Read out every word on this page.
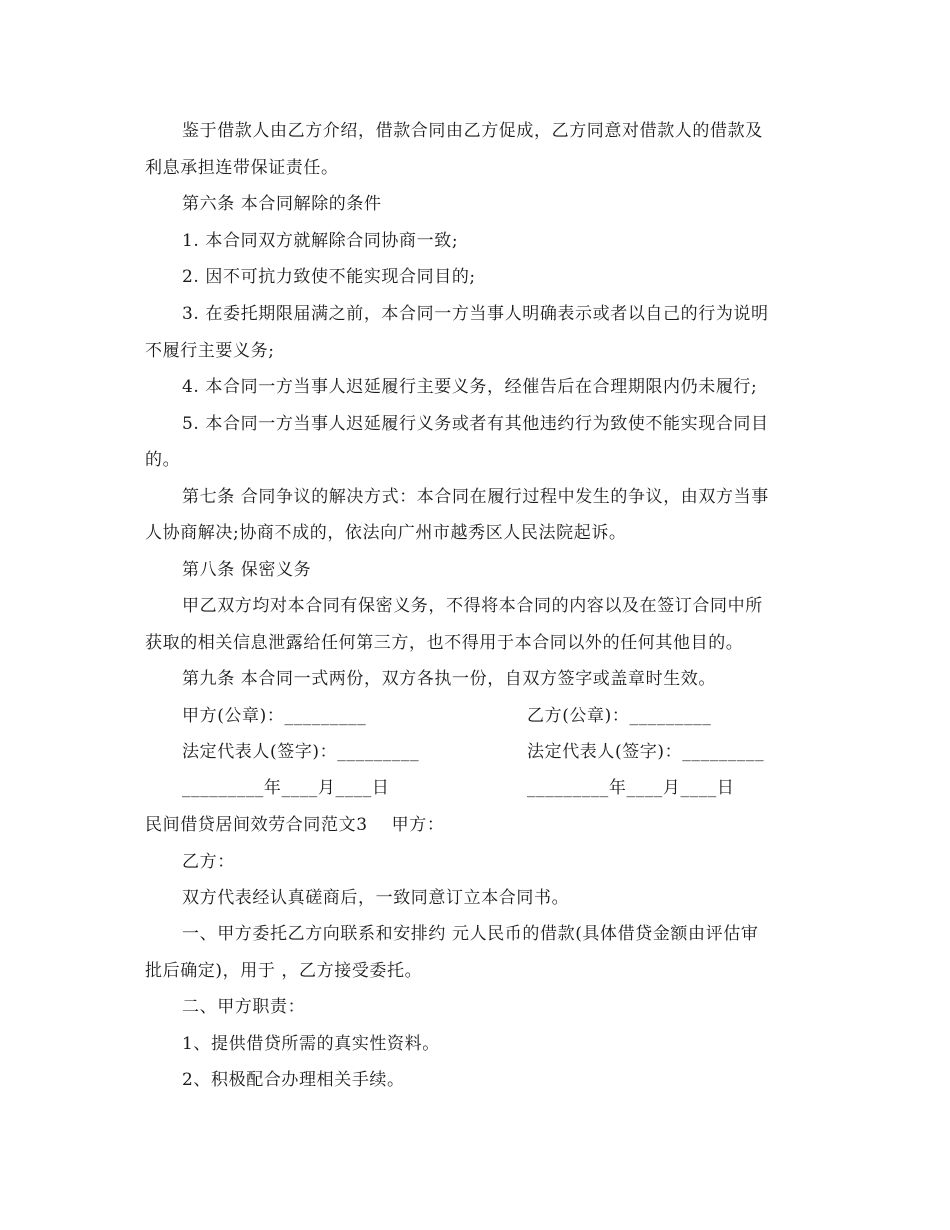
鉴于借款人由乙方介绍，借款合同由乙方促成，乙方同意对借款人的借款及
利息承担连带保证责任。
第六条 本合同解除的条件
1. 本合同双方就解除合同协商一致;
2. 因不可抗力致使不能实现合同目的;
3. 在委托期限届满之前，本合同一方当事人明确表示或者以自己的行为说明
不履行主要义务;
4. 本合同一方当事人迟延履行主要义务，经催告后在合理期限内仍未履行;
5. 本合同一方当事人迟延履行义务或者有其他违约行为致使不能实现合同目
的。
第七条 合同争议的解决方式：本合同在履行过程中发生的争议，由双方当事
人协商解决;协商不成的，依法向广州市越秀区人民法院起诉。
第八条 保密义务
甲乙双方均对本合同有保密义务，不得将本合同的内容以及在签订合同中所
获取的相关信息泄露给任何第三方，也不得用于本合同以外的任何其他目的。
第九条 本合同一式两份，双方各执一份，自双方签字或盖章时生效。
甲方(公章)：_________	乙方(公章)：_________
法定代表人(签字)：_________	法定代表人(签字)：_________
_________年____月____日	_________年____月____日
民间借贷居间效劳合同范文3    甲方：
乙方：
双方代表经认真磋商后，一致同意订立本合同书。
一、甲方委托乙方向联系和安排约 元人民币的借款(具体借贷金额由评估审
批后确定)，用于 ，乙方接受委托。
二、甲方职责：
1、提供借贷所需的真实性资料。
2、积极配合办理相关手续。
